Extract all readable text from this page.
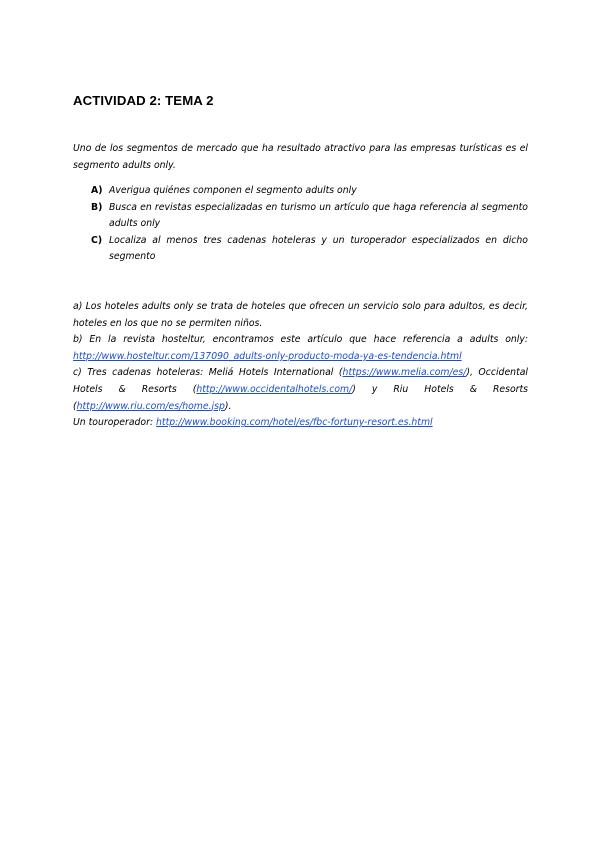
ACTIVIDAD 2: TEMA 2
Uno de los segmentos de mercado que ha resultado atractivo para las empresas turísticas es el segmento adults only.
A) Averigua quiénes componen el segmento adults only
B) Busca en revistas especializadas en turismo un artículo que haga referencia al segmento adults only
C) Localiza al menos tres cadenas hoteleras y un turoperador especializados en dicho segmento

a) Los hoteles adults only se trata de hoteles que ofrecen un servicio solo para adultos, es decir, hoteles en los que no se permiten niños.

b) En la revista hosteltur, encontramos este artículo que hace referencia a adults only: http://www.hosteltur.com/137090_adults-only-producto-moda-ya-es-tendencia.html

c) Tres cadenas hoteleras: Meliá Hotels International (https://www.melia.com/es/), Occidental Hotels & Resorts (http://www.occidentalhotels.com/) y Riu Hotels & Resorts (http://www.riu.com/es/home.jsp).

Un touroperador: http://www.booking.com/hotel/es/fbc-fortuny-resort.es.html
